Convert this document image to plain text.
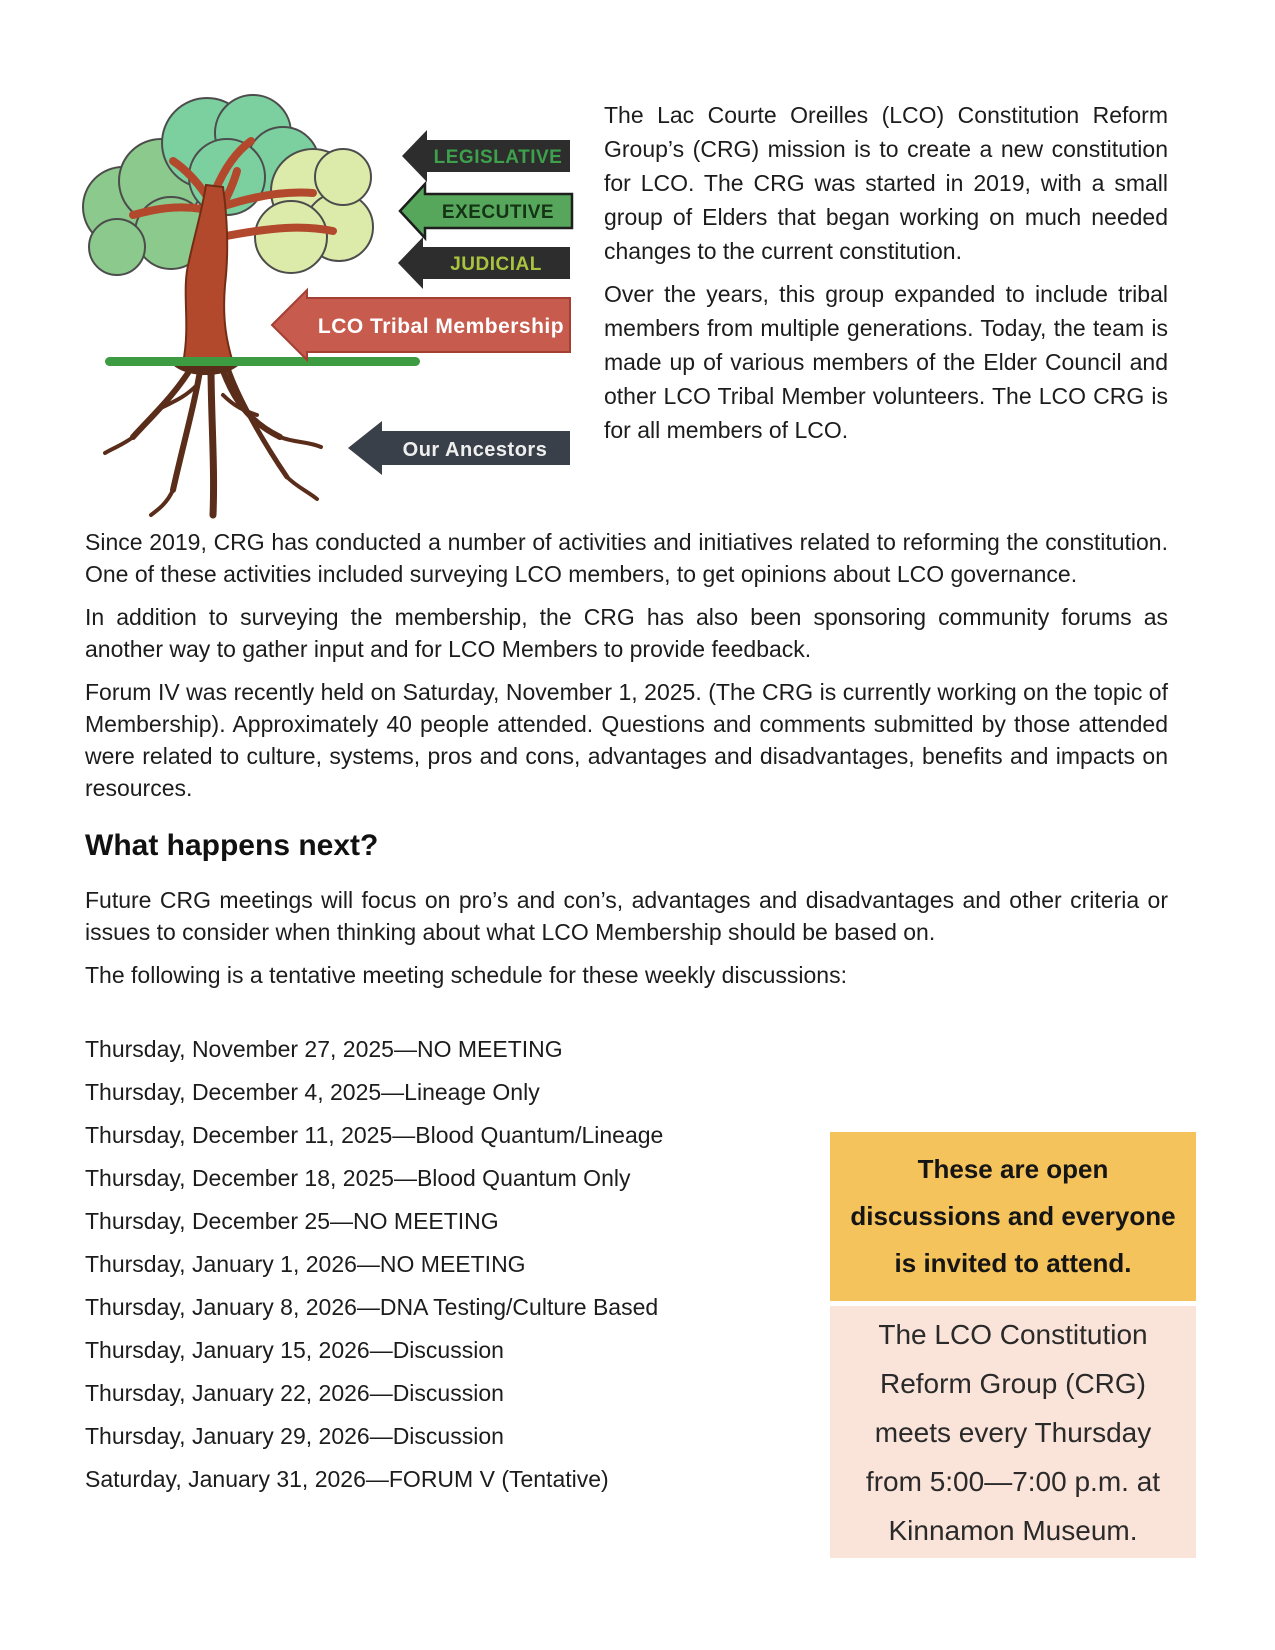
LEGISLATIVE
EXECUTIVE
JUDICIAL
LCO Tribal Membership
Our Ancestors

The Lac Courte Oreilles (LCO) Constitution Reform Group’s (CRG) mission is to create a new constitution for LCO. The CRG was started in 2019, with a small group of Elders that began working on much needed changes to the current constitution.

Over the years, this group expanded to include tribal members from multiple generations. Today, the team is made up of various members of the Elder Council and other LCO Tribal Member volunteers. The LCO CRG is for all members of LCO.

Since 2019, CRG has conducted a number of activities and initiatives related to reforming the constitution. One of these activities included surveying LCO members, to get opinions about LCO governance.

In addition to surveying the membership, the CRG has also been sponsoring community forums as another way to gather input and for LCO Members to provide feedback.

Forum IV was recently held on Saturday, November 1, 2025. (The CRG is currently working on the topic of Membership). Approximately 40 people attended. Questions and comments submitted by those attended were related to culture, systems, pros and cons, advantages and disadvantages, benefits and impacts on resources.

What happens next?

Future CRG meetings will focus on pro’s and con’s, advantages and disadvantages and other criteria or issues to consider when thinking about what LCO Membership should be based on.

The following is a tentative meeting schedule for these weekly discussions:

Thursday, November 27, 2025—NO MEETING

Thursday, December 4, 2025—Lineage Only

Thursday, December 11, 2025—Blood Quantum/Lineage

Thursday, December 18, 2025—Blood Quantum Only

Thursday, December 25—NO MEETING

Thursday, January 1, 2026—NO MEETING

Thursday, January 8, 2026—DNA Testing/Culture Based

Thursday, January 15, 2026—Discussion

Thursday, January 22, 2026—Discussion

Thursday, January 29, 2026—Discussion

Saturday, January 31, 2026—FORUM V (Tentative)

These are open
discussions and everyone
is invited to attend.
The LCO Constitution
Reform Group (CRG)
meets every Thursday
from 5:00—7:00 p.m. at
Kinnamon Museum.
